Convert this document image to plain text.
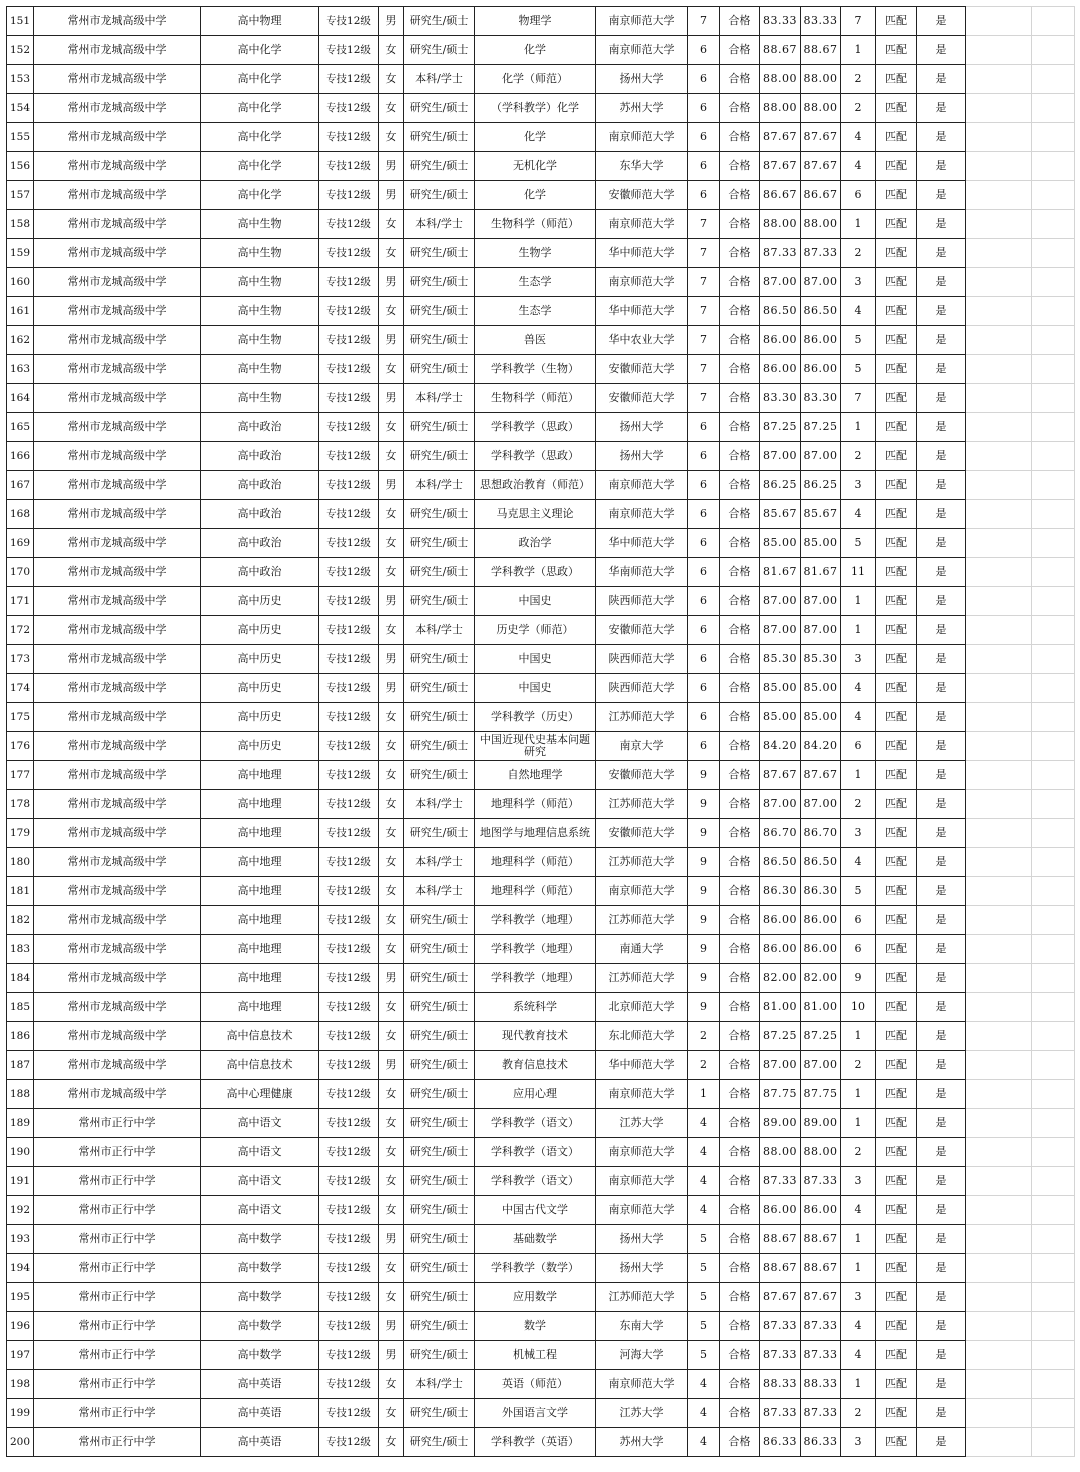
151	常州市龙城高级中学	高中物理	专技12级	男	研究生/硕士	物理学	南京师范大学	7	合格	83.33	83.33	7	匹配	是		
152	常州市龙城高级中学	高中化学	专技12级	女	研究生/硕士	化学	南京师范大学	6	合格	88.67	88.67	1	匹配	是		
153	常州市龙城高级中学	高中化学	专技12级	女	本科/学士	化学（师范）	扬州大学	6	合格	88.00	88.00	2	匹配	是		
154	常州市龙城高级中学	高中化学	专技12级	女	研究生/硕士	（学科教学）化学	苏州大学	6	合格	88.00	88.00	2	匹配	是		
155	常州市龙城高级中学	高中化学	专技12级	女	研究生/硕士	化学	南京师范大学	6	合格	87.67	87.67	4	匹配	是		
156	常州市龙城高级中学	高中化学	专技12级	男	研究生/硕士	无机化学	东华大学	6	合格	87.67	87.67	4	匹配	是		
157	常州市龙城高级中学	高中化学	专技12级	男	研究生/硕士	化学	安徽师范大学	6	合格	86.67	86.67	6	匹配	是		
158	常州市龙城高级中学	高中生物	专技12级	女	本科/学士	生物科学（师范）	南京师范大学	7	合格	88.00	88.00	1	匹配	是		
159	常州市龙城高级中学	高中生物	专技12级	女	研究生/硕士	生物学	华中师范大学	7	合格	87.33	87.33	2	匹配	是		
160	常州市龙城高级中学	高中生物	专技12级	男	研究生/硕士	生态学	南京师范大学	7	合格	87.00	87.00	3	匹配	是		
161	常州市龙城高级中学	高中生物	专技12级	女	研究生/硕士	生态学	华中师范大学	7	合格	86.50	86.50	4	匹配	是		
162	常州市龙城高级中学	高中生物	专技12级	男	研究生/硕士	兽医	华中农业大学	7	合格	86.00	86.00	5	匹配	是		
163	常州市龙城高级中学	高中生物	专技12级	女	研究生/硕士	学科教学（生物）	安徽师范大学	7	合格	86.00	86.00	5	匹配	是		
164	常州市龙城高级中学	高中生物	专技12级	男	本科/学士	生物科学（师范）	安徽师范大学	7	合格	83.30	83.30	7	匹配	是		
165	常州市龙城高级中学	高中政治	专技12级	女	研究生/硕士	学科教学（思政）	扬州大学	6	合格	87.25	87.25	1	匹配	是		
166	常州市龙城高级中学	高中政治	专技12级	女	研究生/硕士	学科教学（思政）	扬州大学	6	合格	87.00	87.00	2	匹配	是		
167	常州市龙城高级中学	高中政治	专技12级	男	本科/学士	思想政治教育（师范）	南京师范大学	6	合格	86.25	86.25	3	匹配	是		
168	常州市龙城高级中学	高中政治	专技12级	女	研究生/硕士	马克思主义理论	南京师范大学	6	合格	85.67	85.67	4	匹配	是		
169	常州市龙城高级中学	高中政治	专技12级	女	研究生/硕士	政治学	华中师范大学	6	合格	85.00	85.00	5	匹配	是		
170	常州市龙城高级中学	高中政治	专技12级	女	研究生/硕士	学科教学（思政）	华南师范大学	6	合格	81.67	81.67	11	匹配	是		
171	常州市龙城高级中学	高中历史	专技12级	男	研究生/硕士	中国史	陕西师范大学	6	合格	87.00	87.00	1	匹配	是		
172	常州市龙城高级中学	高中历史	专技12级	女	本科/学士	历史学（师范）	安徽师范大学	6	合格	87.00	87.00	1	匹配	是		
173	常州市龙城高级中学	高中历史	专技12级	男	研究生/硕士	中国史	陕西师范大学	6	合格	85.30	85.30	3	匹配	是		
174	常州市龙城高级中学	高中历史	专技12级	男	研究生/硕士	中国史	陕西师范大学	6	合格	85.00	85.00	4	匹配	是		
175	常州市龙城高级中学	高中历史	专技12级	女	研究生/硕士	学科教学（历史）	江苏师范大学	6	合格	85.00	85.00	4	匹配	是		
176	常州市龙城高级中学	高中历史	专技12级	女	研究生/硕士	中国近现代史基本问题研究	南京大学	6	合格	84.20	84.20	6	匹配	是		
177	常州市龙城高级中学	高中地理	专技12级	女	研究生/硕士	自然地理学	安徽师范大学	9	合格	87.67	87.67	1	匹配	是		
178	常州市龙城高级中学	高中地理	专技12级	女	本科/学士	地理科学（师范）	江苏师范大学	9	合格	87.00	87.00	2	匹配	是		
179	常州市龙城高级中学	高中地理	专技12级	女	研究生/硕士	地图学与地理信息系统	安徽师范大学	9	合格	86.70	86.70	3	匹配	是		
180	常州市龙城高级中学	高中地理	专技12级	女	本科/学士	地理科学（师范）	江苏师范大学	9	合格	86.50	86.50	4	匹配	是		
181	常州市龙城高级中学	高中地理	专技12级	女	本科/学士	地理科学（师范）	南京师范大学	9	合格	86.30	86.30	5	匹配	是		
182	常州市龙城高级中学	高中地理	专技12级	女	研究生/硕士	学科教学（地理）	江苏师范大学	9	合格	86.00	86.00	6	匹配	是		
183	常州市龙城高级中学	高中地理	专技12级	女	研究生/硕士	学科教学（地理）	南通大学	9	合格	86.00	86.00	6	匹配	是		
184	常州市龙城高级中学	高中地理	专技12级	男	研究生/硕士	学科教学（地理）	江苏师范大学	9	合格	82.00	82.00	9	匹配	是		
185	常州市龙城高级中学	高中地理	专技12级	女	研究生/硕士	系统科学	北京师范大学	9	合格	81.00	81.00	10	匹配	是		
186	常州市龙城高级中学	高中信息技术	专技12级	女	研究生/硕士	现代教育技术	东北师范大学	2	合格	87.25	87.25	1	匹配	是		
187	常州市龙城高级中学	高中信息技术	专技12级	男	研究生/硕士	教育信息技术	华中师范大学	2	合格	87.00	87.00	2	匹配	是		
188	常州市龙城高级中学	高中心理健康	专技12级	女	研究生/硕士	应用心理	南京师范大学	1	合格	87.75	87.75	1	匹配	是		
189	常州市正行中学	高中语文	专技12级	女	研究生/硕士	学科教学（语文）	江苏大学	4	合格	89.00	89.00	1	匹配	是		
190	常州市正行中学	高中语文	专技12级	女	研究生/硕士	学科教学（语文）	南京师范大学	4	合格	88.00	88.00	2	匹配	是		
191	常州市正行中学	高中语文	专技12级	女	研究生/硕士	学科教学（语文）	南京师范大学	4	合格	87.33	87.33	3	匹配	是		
192	常州市正行中学	高中语文	专技12级	女	研究生/硕士	中国古代文学	南京师范大学	4	合格	86.00	86.00	4	匹配	是		
193	常州市正行中学	高中数学	专技12级	男	研究生/硕士	基础数学	扬州大学	5	合格	88.67	88.67	1	匹配	是		
194	常州市正行中学	高中数学	专技12级	女	研究生/硕士	学科教学（数学）	扬州大学	5	合格	88.67	88.67	1	匹配	是		
195	常州市正行中学	高中数学	专技12级	女	研究生/硕士	应用数学	江苏师范大学	5	合格	87.67	87.67	3	匹配	是		
196	常州市正行中学	高中数学	专技12级	男	研究生/硕士	数学	东南大学	5	合格	87.33	87.33	4	匹配	是		
197	常州市正行中学	高中数学	专技12级	男	研究生/硕士	机械工程	河海大学	5	合格	87.33	87.33	4	匹配	是		
198	常州市正行中学	高中英语	专技12级	女	本科/学士	英语（师范）	南京师范大学	4	合格	88.33	88.33	1	匹配	是		
199	常州市正行中学	高中英语	专技12级	女	研究生/硕士	外国语言文学	江苏大学	4	合格	87.33	87.33	2	匹配	是		
200	常州市正行中学	高中英语	专技12级	女	研究生/硕士	学科教学（英语）	苏州大学	4	合格	86.33	86.33	3	匹配	是		
